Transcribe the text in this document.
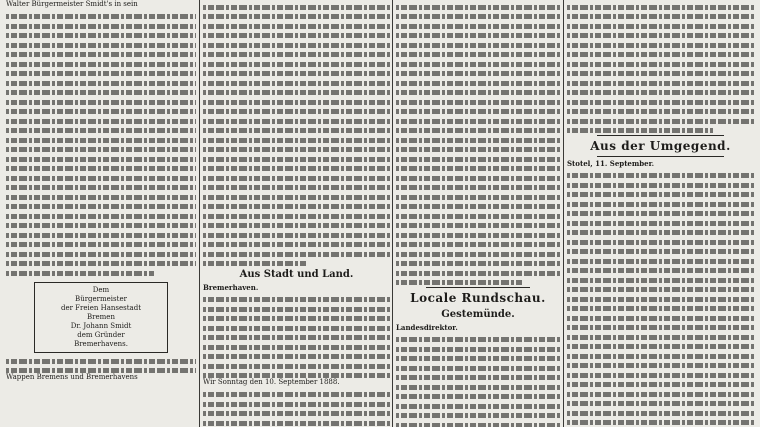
Walter Bürgermeister Smidt's in sein
Dem
Bürgermeister
der Freien Hansestadt
Bremen
Dr. Johann Smidt
dem Gründer
Bremerhavens.
Wappen Bremens und Bremerhavens
Aus Stadt und Land.
Bremerhaven.
Wir Sonntag den 10. September 1888.
Locale Rundschau.
Gestemünde.
Landesdirektor.
Aus der Umgegend.
Stotel, 11. September.
